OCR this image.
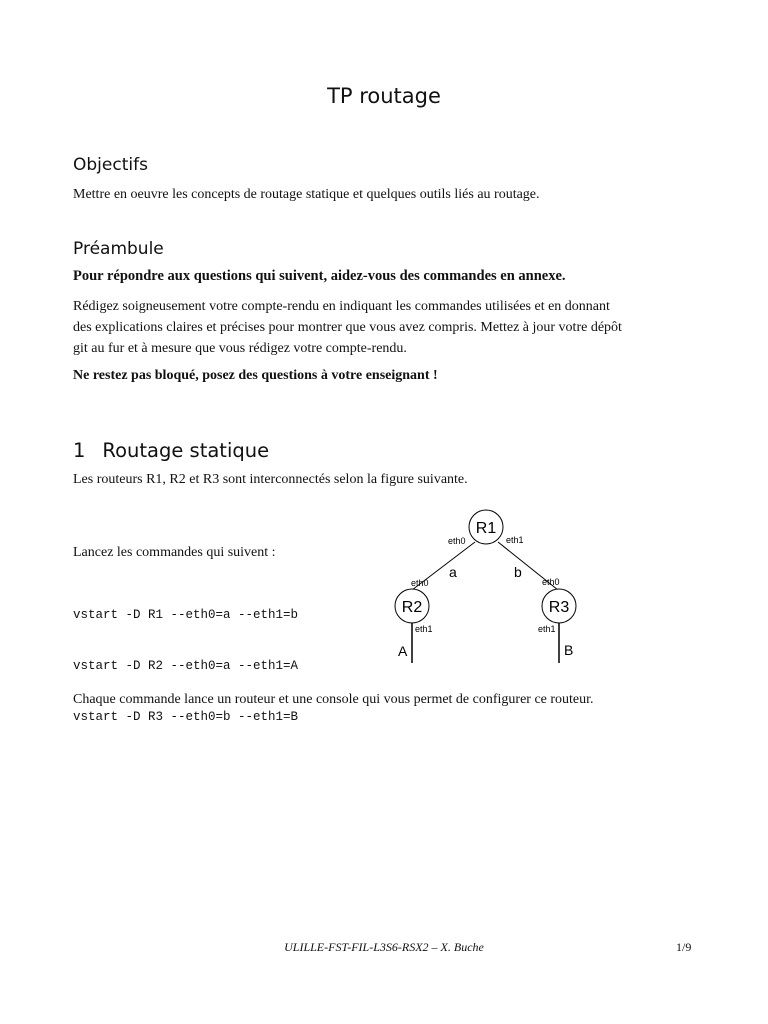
TP routage
Objectifs
Mettre en oeuvre les concepts de routage statique et quelques outils liés au routage.
Préambule
Pour répondre aux questions qui suivent, aidez-vous des commandes en annexe.
Rédigez soigneusement votre compte-rendu en indiquant les commandes utilisées et en donnant
des explications claires et précises pour montrer que vous avez compris. Mettez à jour votre dépôt
git au fur et à mesure que vous rédigez votre compte-rendu.
Ne restez pas bloqué, posez des questions à votre enseignant !
1 Routage statique
Les routeurs R1, R2 et R3 sont interconnectés selon la figure suivante.
Lancez les commandes qui suivent :

vstart -D R1 --eth0=a --eth1=b

vstart -D R2 --eth0=a --eth1=A

vstart -D R3 --eth0=b --eth1=B

R1
R2	R3
eth0	eth1
eth0	eth0
eth1	eth1
a	b
A	B
Chaque commande lance un routeur et une console qui vous permet de configurer ce routeur.
ULILLE-FST-FIL-L3S6-RSX2 – X. Buche	1/9
